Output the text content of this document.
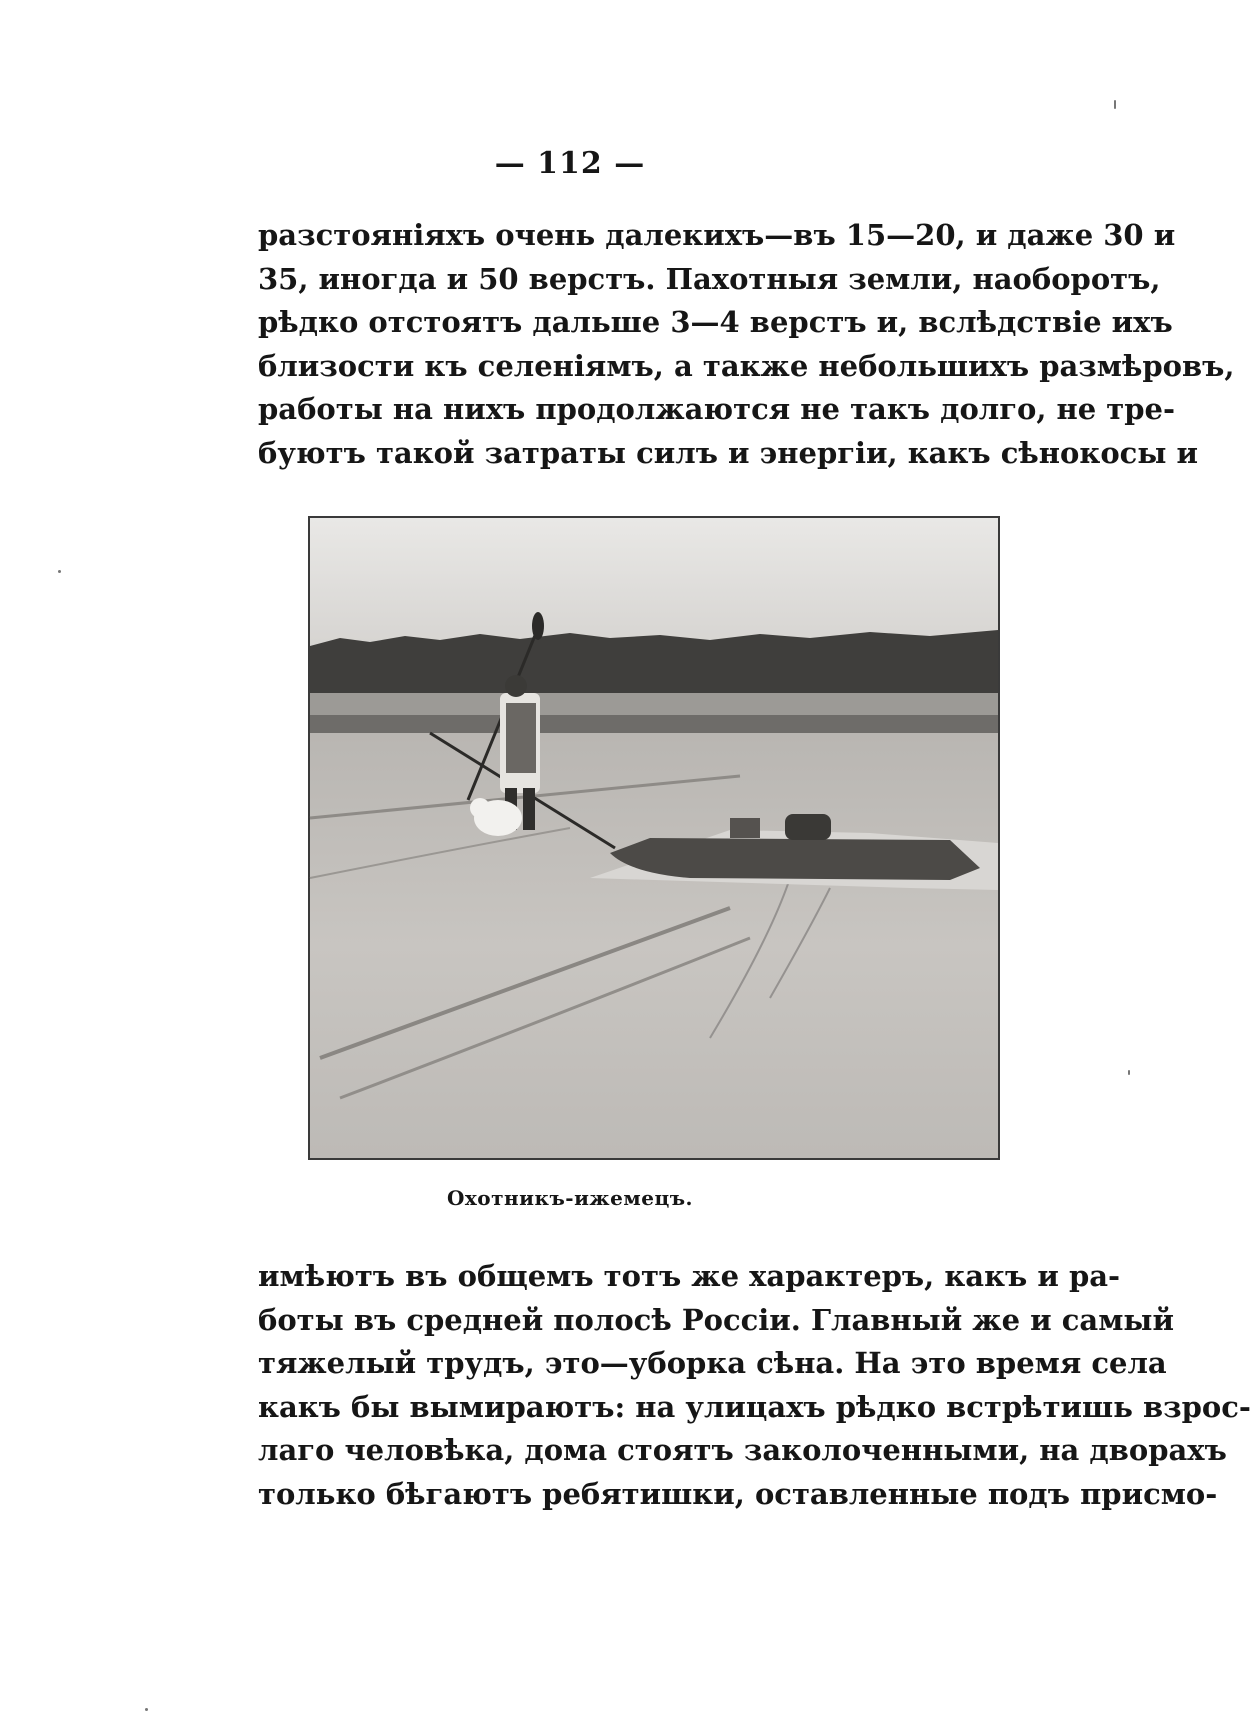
— 112 —
разстояніяхъ очень далекихъ—въ 15—20, и даже 30 и
35, иногда и 50 верстъ. Пахотныя земли, наоборотъ,
рѣдко отстоятъ дальше 3—4 верстъ и, вслѣдствіе ихъ
близости къ селеніямъ, а также небольшихъ размѣровъ,
работы на нихъ продолжаются не такъ долго, не тре-
буютъ такой затраты силъ и энергіи, какъ сѣнокосы и
Охотникъ-ижемецъ.
имѣютъ въ общемъ тотъ же характеръ, какъ и ра-
боты въ средней полосѣ Россіи. Главный же и самый
тяжелый трудъ, это—уборка сѣна. На это время села
какъ бы вымираютъ: на улицахъ рѣдко встрѣтишь взрос-
лаго человѣка, дома стоятъ заколоченными, на дворахъ
только бѣгаютъ ребятишки, оставленные подъ присмо-
